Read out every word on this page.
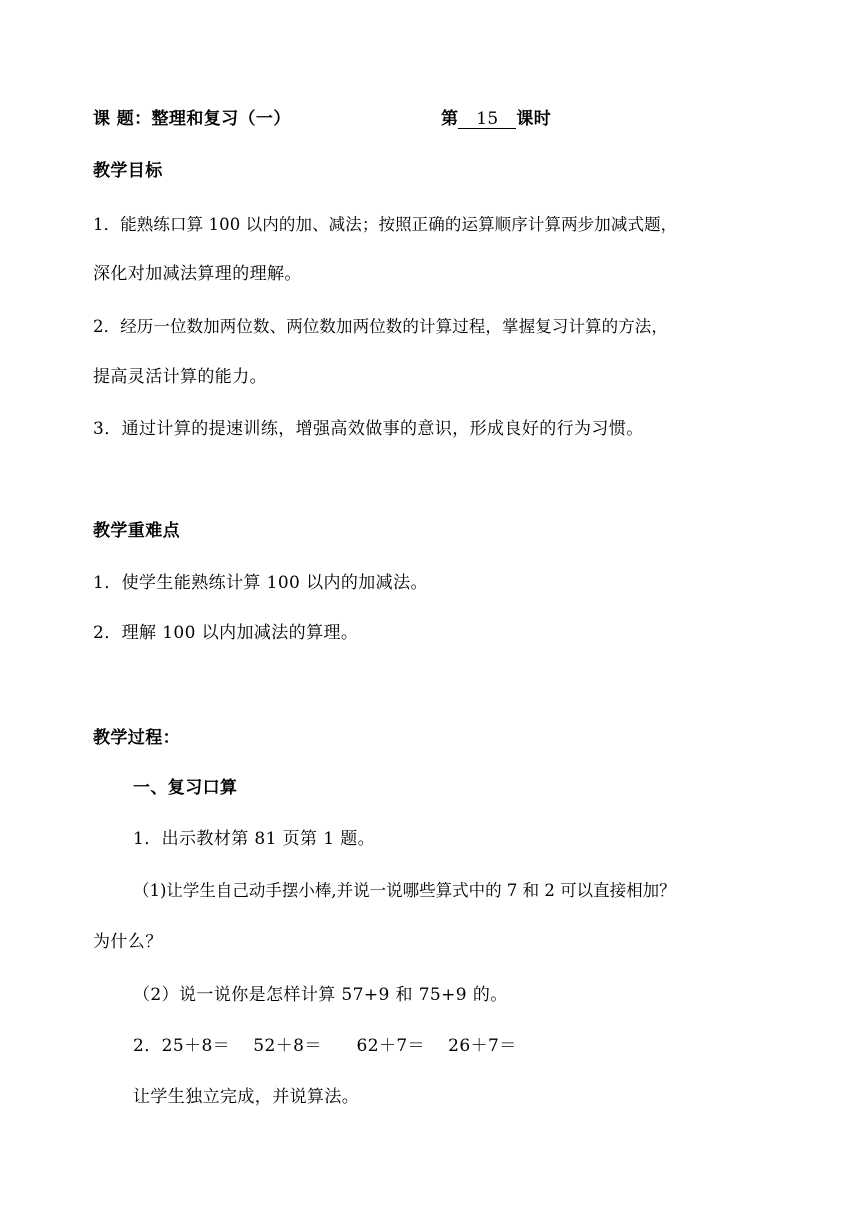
课 题：整理和复习（一）	第 15 课时
教学目标
1．能熟练口算 100 以内的加、减法；按照正确的运算顺序计算两步加减式题，
深化对加减法算理的理解。
2．经历一位数加两位数、两位数加两位数的计算过程，掌握复习计算的方法，
提高灵活计算的能力。
3．通过计算的提速训练，增强高效做事的意识，形成良好的行为习惯。
教学重难点
1．使学生能熟练计算 100 以内的加减法。
2．理解 100 以内加减法的算理。
教学过程：
一、复习口算
1．出示教材第 81 页第 1 题。
（1)让学生自己动手摆小棒,并说一说哪些算式中的 7 和 2 可以直接相加？
为什么？
（2）说一说你是怎样计算 57+9 和 75+9 的。
2．25＋8＝　 52＋8＝　　62＋7＝　 26＋7＝
让学生独立完成，并说算法。
